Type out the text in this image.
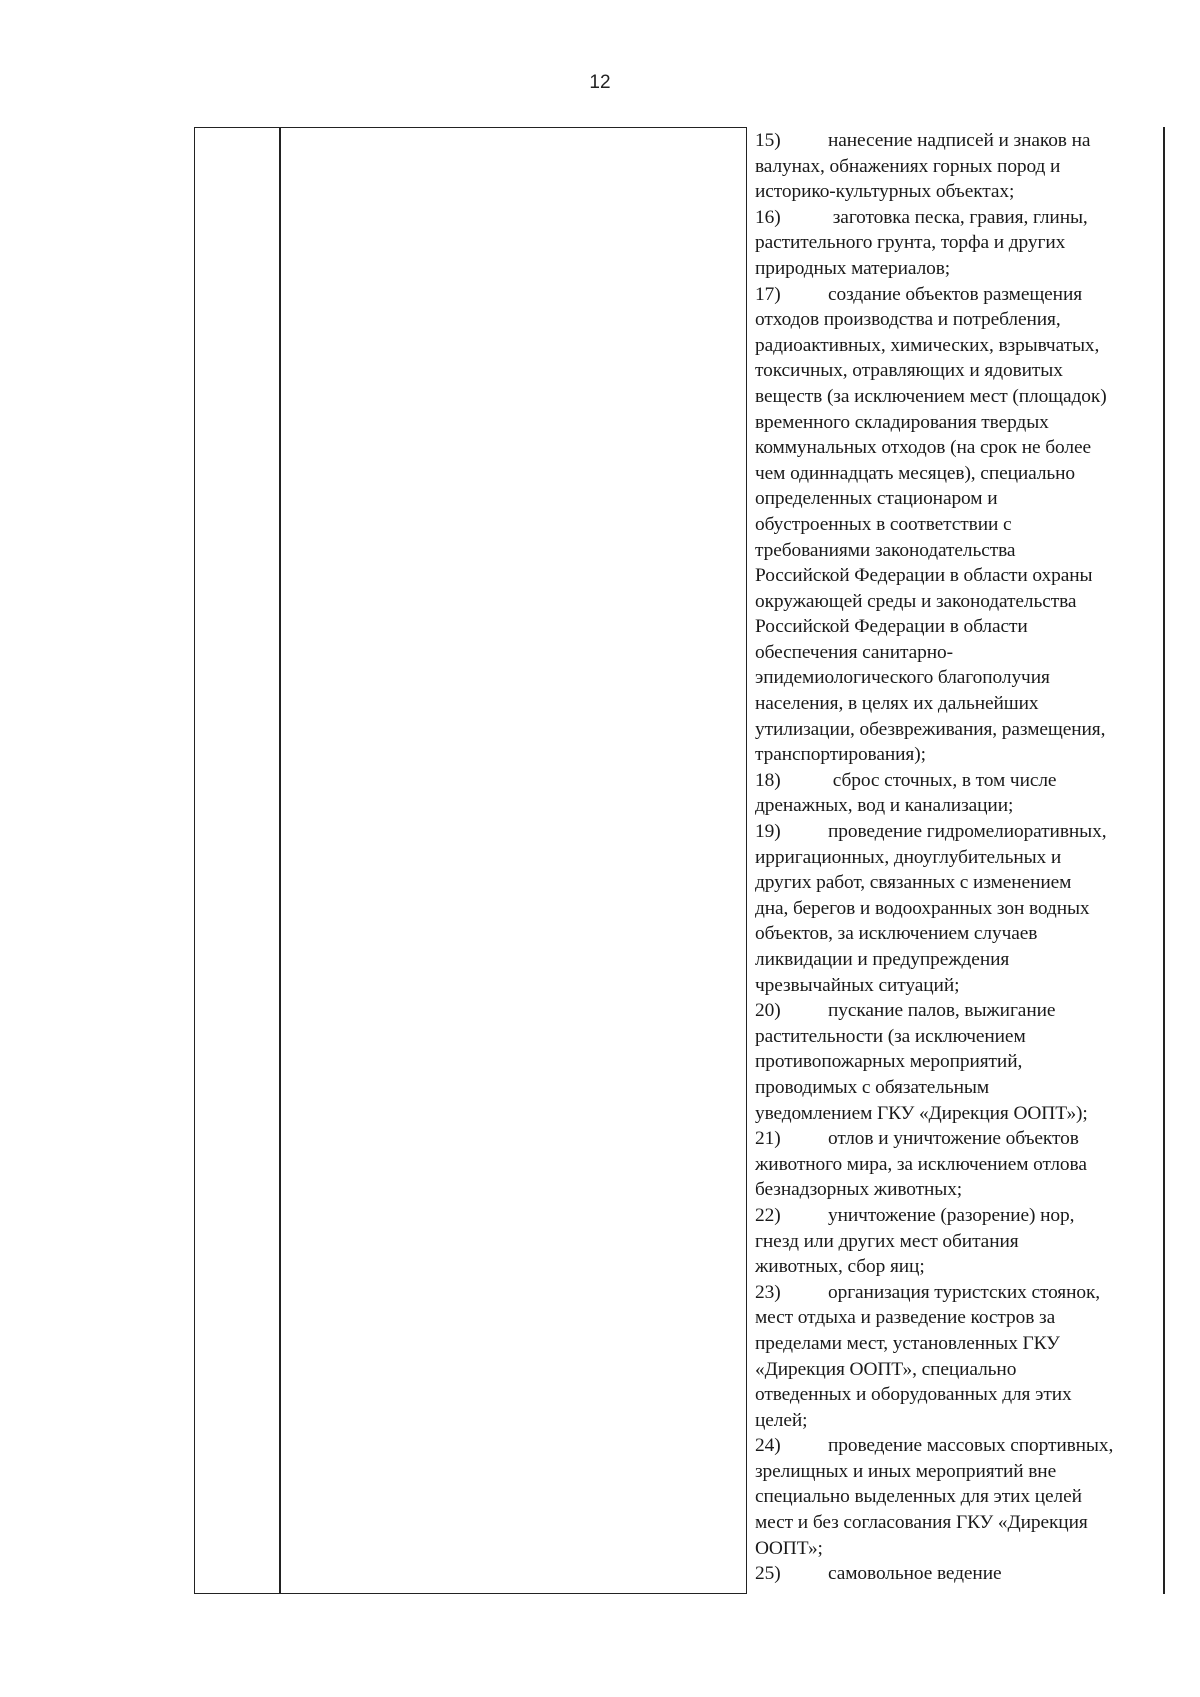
12
15) нанесение надписей и знаков на
валунах, обнажениях горных пород и
историко-культурных объектах;
16) заготовка песка, гравия, глины,
растительного грунта, торфа и других
природных материалов;
17) создание объектов размещения
отходов производства и потребления,
радиоактивных, химических, взрывчатых,
токсичных, отравляющих и ядовитых
веществ (за исключением мест (площадок)
временного складирования твердых
коммунальных отходов (на срок не более
чем одиннадцать месяцев), специально
определенных стационаром и
обустроенных в соответствии с
требованиями законодательства
Российской Федерации в области охраны
окружающей среды и законодательства
Российской Федерации в области
обеспечения санитарно-
эпидемиологического благополучия
населения, в целях их дальнейших
утилизации, обезвреживания, размещения,
транспортирования);
18) сброс сточных, в том числе
дренажных, вод и канализации;
19) проведение гидромелиоративных,
ирригационных, дноуглубительных и
других работ, связанных с изменением
дна, берегов и водоохранных зон водных
объектов, за исключением случаев
ликвидации и предупреждения
чрезвычайных ситуаций;
20) пускание палов, выжигание
растительности (за исключением
противопожарных мероприятий,
проводимых с обязательным
уведомлением ГКУ «Дирекция ООПТ»);
21) отлов и уничтожение объектов
животного мира, за исключением отлова
безнадзорных животных;
22) уничтожение (разорение) нор,
гнезд или других мест обитания
животных, сбор яиц;
23) организация туристских стоянок,
мест отдыха и разведение костров за
пределами мест, установленных ГКУ
«Дирекция ООПТ», специально
отведенных и оборудованных для этих
целей;
24) проведение массовых спортивных,
зрелищных и иных мероприятий вне
специально выделенных для этих целей
мест и без согласования ГКУ «Дирекция
ООПТ»;
25) самовольное ведение
